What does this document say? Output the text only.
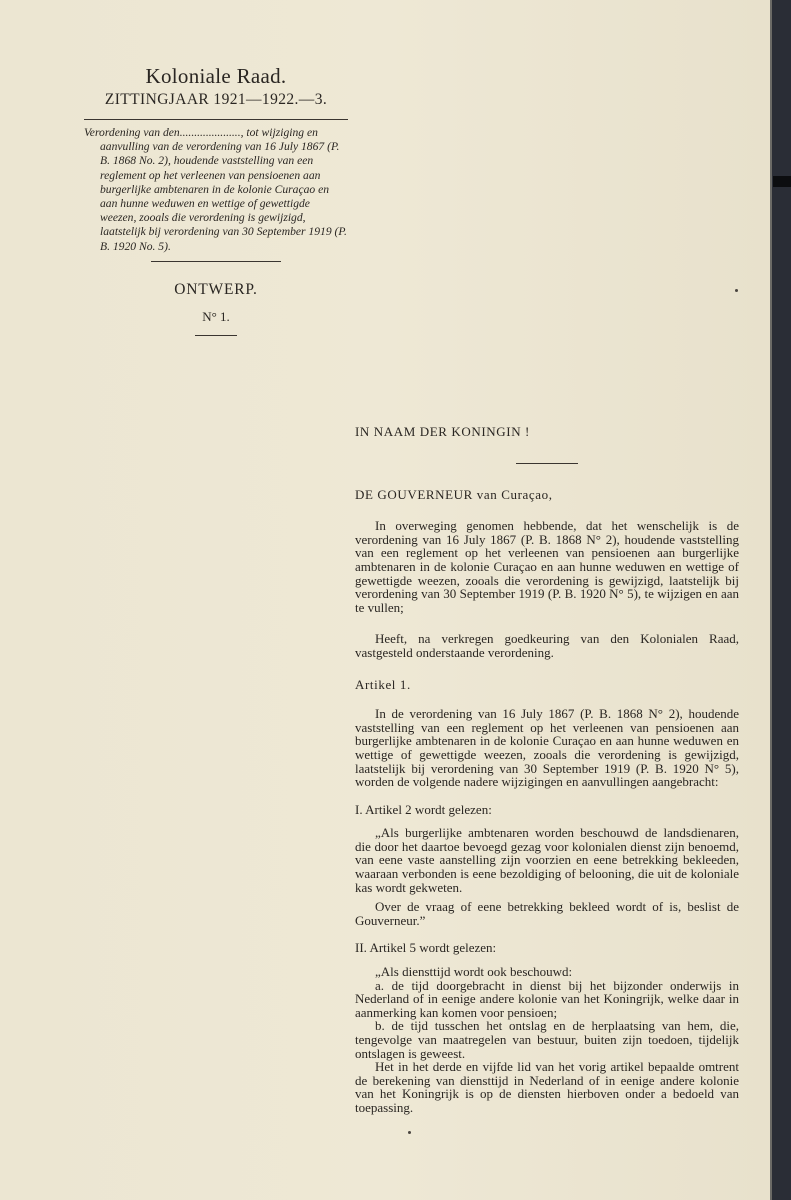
Koloniale Raad.

ZITTINGJAAR 1921—1922.—3.

Verordening van den....................., tot wijziging en aanvulling van de verordening van 16 July 1867 (P. B. 1868 No. 2), houdende vaststelling van een reglement op het verleenen van pensioenen aan burgerlijke ambtenaren in de kolonie Curaçao en aan hunne weduwen en wettige of gewettigde weezen, zooals die verordening is gewijzigd, laatstelijk bij verordening van 30 September 1919 (P. B. 1920 No. 5).

ONTWERP.
N° 1.

IN NAAM DER KONINGIN !

DE GOUVERNEUR van Curaçao,

In overweging genomen hebbende, dat het wenschelijk is de verordening van 16 July 1867 (P. B. 1868 N° 2), houdende vaststelling van een reglement op het verleenen van pensioenen aan burgerlijke ambtenaren in de kolonie Curaçao en aan hunne weduwen en wettige of gewettigde weezen, zooals die verordening is gewijzigd, laatstelijk bij verordening van 30 September 1919 (P. B. 1920 N° 5), te wijzigen en aan te vullen;

Heeft, na verkregen goedkeuring van den Kolonialen Raad, vastgesteld onderstaande verordening.

Artikel 1.

In de verordening van 16 July 1867 (P. B. 1868 N° 2), houdende vaststelling van een reglement op het verleenen van pensioenen aan burgerlijke ambtenaren in de kolonie Curaçao en aan hunne weduwen en wettige of gewettigde weezen, zooals die verordening is gewijzigd, laatstelijk bij verordening van 30 September 1919 (P. B. 1920 N° 5), worden de volgende nadere wijzigingen en aanvullingen aangebracht:

I. Artikel 2 wordt gelezen:

„Als burgerlijke ambtenaren worden beschouwd de landsdienaren, die door het daartoe bevoegd gezag voor kolonialen dienst zijn benoemd, van eene vaste aanstelling zijn voorzien en eene betrekking bekleeden, waaraan verbonden is eene bezoldiging of belooning, die uit de koloniale kas wordt gekweten.

Over de vraag of eene betrekking bekleed wordt of is, beslist de Gouverneur.”

II. Artikel 5 wordt gelezen:

„Als diensttijd wordt ook beschouwd:

a. de tijd doorgebracht in dienst bij het bijzonder onderwijs in Nederland of in eenige andere kolonie van het Koningrijk, welke daar in aanmerking kan komen voor pensioen;

b. de tijd tusschen het ontslag en de herplaatsing van hem, die, tengevolge van maatregelen van bestuur, buiten zijn toedoen, tijdelijk ontslagen is geweest.

Het in het derde en vijfde lid van het vorig artikel bepaalde omtrent de berekening van diensttijd in Nederland of in eenige andere kolonie van het Koningrijk is op de diensten hierboven onder a bedoeld van toepassing.
